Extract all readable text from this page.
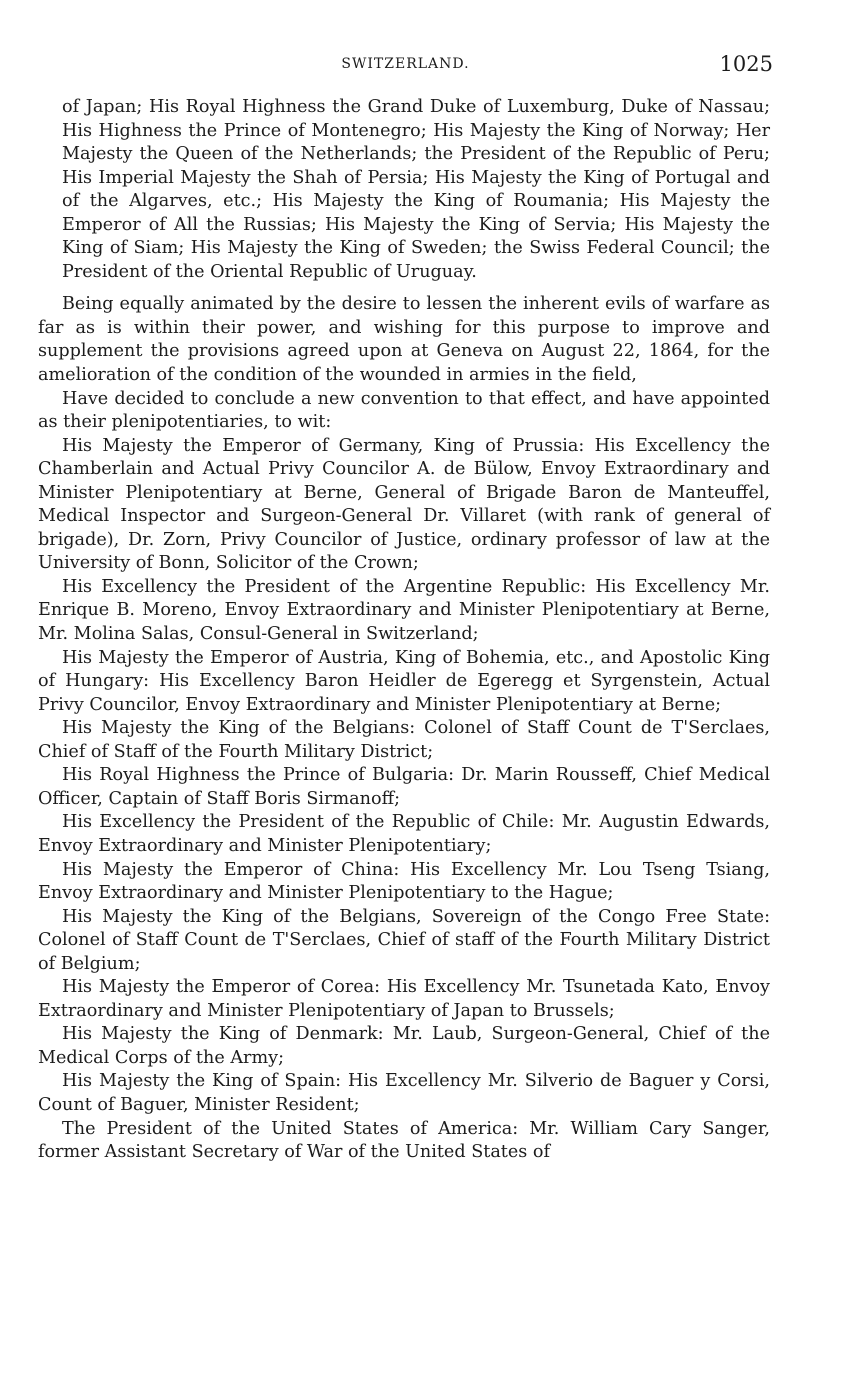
SWITZERLAND.	1025

of Japan; His Royal Highness the Grand Duke of Luxemburg, Duke of Nassau; His Highness the Prince of Montenegro; His Majesty the King of Norway; Her Majesty the Queen of the Netherlands; the President of the Republic of Peru; His Imperial Majesty the Shah of Persia; His Majesty the King of Portugal and of the Algarves, etc.; His Majesty the King of Roumania; His Majesty the Emperor of All the Russias; His Majesty the King of Servia; His Majesty the King of Siam; His Majesty the King of Sweden; the Swiss Federal Council; the President of the Oriental Republic of Uruguay.

Being equally animated by the desire to lessen the inherent evils of warfare as far as is within their power, and wishing for this purpose to improve and supplement the provisions agreed upon at Geneva on August 22, 1864, for the amelioration of the condition of the wounded in armies in the field,

Have decided to conclude a new convention to that effect, and have appointed as their plenipotentiaries, to wit:

His Majesty the Emperor of Germany, King of Prussia: His Excellency the Chamberlain and Actual Privy Councilor A. de Bülow, Envoy Extraordinary and Minister Plenipotentiary at Berne, General of Brigade Baron de Manteuffel, Medical Inspector and Surgeon-General Dr. Villaret (with rank of general of brigade), Dr. Zorn, Privy Councilor of Justice, ordinary professor of law at the University of Bonn, Solicitor of the Crown;

His Excellency the President of the Argentine Republic: His Excellency Mr. Enrique B. Moreno, Envoy Extraordinary and Minister Plenipotentiary at Berne, Mr. Molina Salas, Consul-General in Switzerland;

His Majesty the Emperor of Austria, King of Bohemia, etc., and Apostolic King of Hungary: His Excellency Baron Heidler de Egeregg et Syrgenstein, Actual Privy Councilor, Envoy Extraordinary and Minister Plenipotentiary at Berne;

His Majesty the King of the Belgians: Colonel of Staff Count de T'Serclaes, Chief of Staff of the Fourth Military District;

His Royal Highness the Prince of Bulgaria: Dr. Marin Rousseff, Chief Medical Officer, Captain of Staff Boris Sirmanoff;

His Excellency the President of the Republic of Chile: Mr. Augustin Edwards, Envoy Extraordinary and Minister Plenipotentiary;

His Majesty the Emperor of China: His Excellency Mr. Lou Tseng Tsiang, Envoy Extraordinary and Minister Plenipotentiary to the Hague;

His Majesty the King of the Belgians, Sovereign of the Congo Free State: Colonel of Staff Count de T'Serclaes, Chief of staff of the Fourth Military District of Belgium;

His Majesty the Emperor of Corea: His Excellency Mr. Tsunetada Kato, Envoy Extraordinary and Minister Plenipotentiary of Japan to Brussels;

His Majesty the King of Denmark: Mr. Laub, Surgeon-General, Chief of the Medical Corps of the Army;

His Majesty the King of Spain: His Excellency Mr. Silverio de Baguer y Corsi, Count of Baguer, Minister Resident;

The President of the United States of America: Mr. William Cary Sanger, former Assistant Secretary of War of the United States of
